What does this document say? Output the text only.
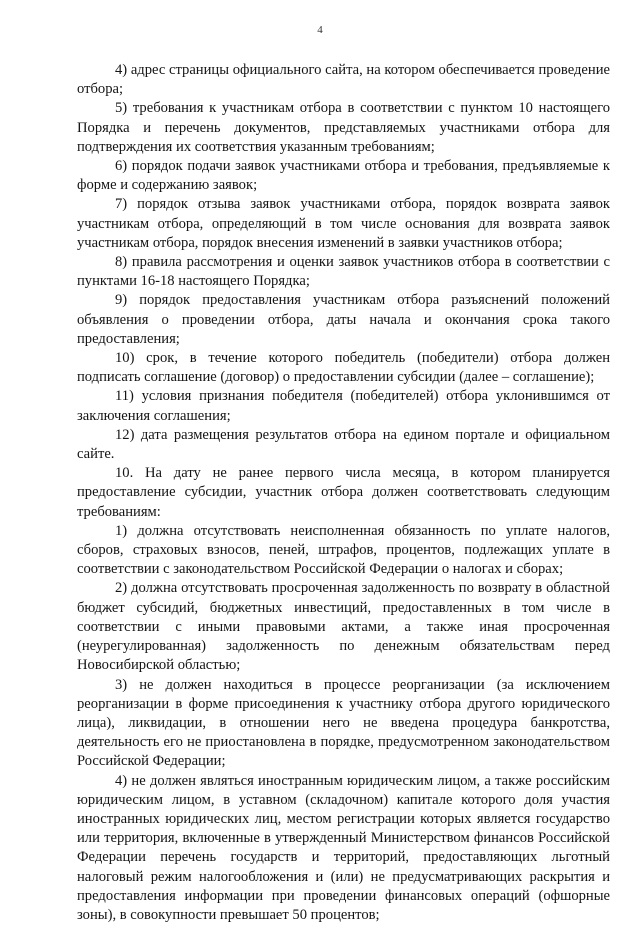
4

4) адрес страницы официального сайта, на котором обеспечивается проведение отбора;

5) требования к участникам отбора в соответствии с пунктом 10 настоящего Порядка и перечень документов, представляемых участниками отбора для подтверждения их соответствия указанным требованиям;

6) порядок подачи заявок участниками отбора и требования, предъявляемые к форме и содержанию заявок;

7) порядок отзыва заявок участниками отбора, порядок возврата заявок участникам отбора, определяющий в том числе основания для возврата заявок участникам отбора, порядок внесения изменений в заявки участников отбора;

8) правила рассмотрения и оценки заявок участников отбора в соответствии с пунктами 16-18 настоящего Порядка;

9) порядок предоставления участникам отбора разъяснений положений объявления о проведении отбора, даты начала и окончания срока такого предоставления;

10) срок, в течение которого победитель (победители) отбора должен подписать соглашение (договор) о предоставлении субсидии (далее – соглашение);

11) условия признания победителя (победителей) отбора уклонившимся от заключения соглашения;

12) дата размещения результатов отбора на едином портале и официальном сайте.

10. На дату не ранее первого числа месяца, в котором планируется предоставление субсидии, участник отбора должен соответствовать следующим требованиям:

1) должна отсутствовать неисполненная обязанность по уплате налогов, сборов, страховых взносов, пеней, штрафов, процентов, подлежащих уплате в соответствии с законодательством Российской Федерации о налогах и сборах;

2) должна отсутствовать просроченная задолженность по возврату в областной бюджет субсидий, бюджетных инвестиций, предоставленных в том числе в соответствии с иными правовыми актами, а также иная просроченная (неурегулированная) задолженность по денежным обязательствам перед Новосибирской областью;

3) не должен находиться в процессе реорганизации (за исключением реорганизации в форме присоединения к участнику отбора другого юридического лица), ликвидации, в отношении него не введена процедура банкротства, деятельность его не приостановлена в порядке, предусмотренном законодательством Российской Федерации;

4) не должен являться иностранным юридическим лицом, а также российским юридическим лицом, в уставном (складочном) капитале которого доля участия иностранных юридических лиц, местом регистрации которых является государство или территория, включенные в утвержденный Министерством финансов Российской Федерации перечень государств и территорий, предоставляющих льготный налоговый режим налогообложения и (или) не предусматривающих раскрытия и предоставления информации при проведении финансовых операций (офшорные зоны), в совокупности превышает 50 процентов;
